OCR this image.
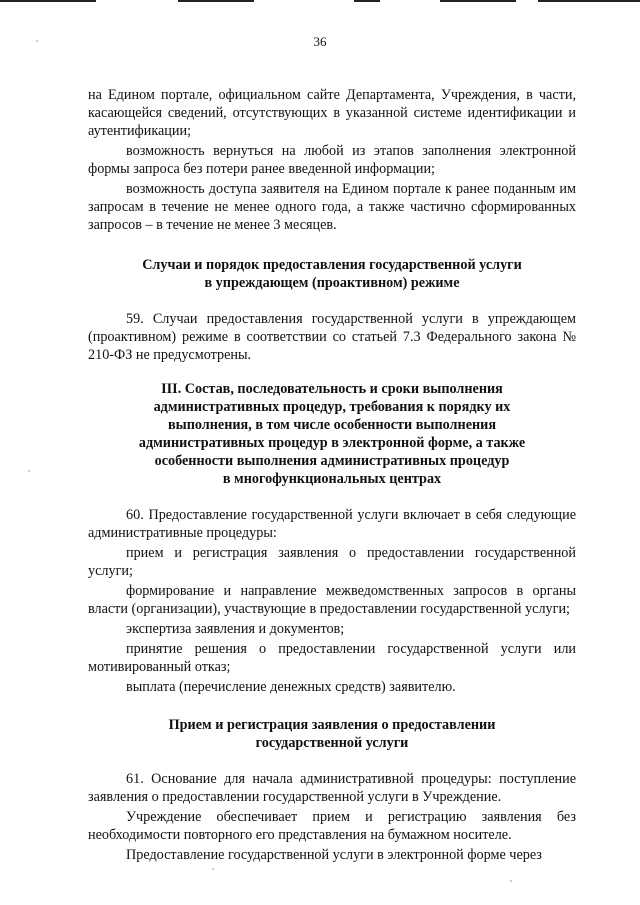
36

на Едином портале, официальном сайте Департамента, Учреждения, в части, касающейся сведений, отсутствующих в указанной системе идентификации и аутентификации;

возможность вернуться на любой из этапов заполнения электронной формы запроса без потери ранее введенной информации;

возможность доступа заявителя на Едином портале к ранее поданным им запросам в течение не менее одного года, а также частично сформированных запросов – в течение не менее 3 месяцев.

Случаи и порядок предоставления государственной услуги

в упреждающем (проактивном) режиме

59. Случаи предоставления государственной услуги в упреждающем (проактивном) режиме в соответствии со статьей 7.3 Федерального закона № 210-ФЗ не предусмотрены.

III. Состав, последовательность и сроки выполнения

административных процедур, требования к порядку их

выполнения, в том числе особенности выполнения

административных процедур в электронной форме, а также

особенности выполнения административных процедур

в многофункциональных центрах

60. Предоставление государственной услуги включает в себя следующие административные процедуры:

прием и регистрация заявления о предоставлении государственной услуги;

формирование и направление межведомственных запросов в органы власти (организации), участвующие в предоставлении государственной услуги;

экспертиза заявления и документов;

принятие решения о предоставлении государственной услуги или мотивированный отказ;

выплата (перечисление денежных средств) заявителю.

Прием и регистрация заявления о предоставлении

государственной услуги

61. Основание для начала административной процедуры: поступление заявления о предоставлении государственной услуги в Учреждение.

Учреждение обеспечивает прием и регистрацию заявления без необходимости повторного его представления на бумажном носителе.

Предоставление государственной услуги в электронной форме через
